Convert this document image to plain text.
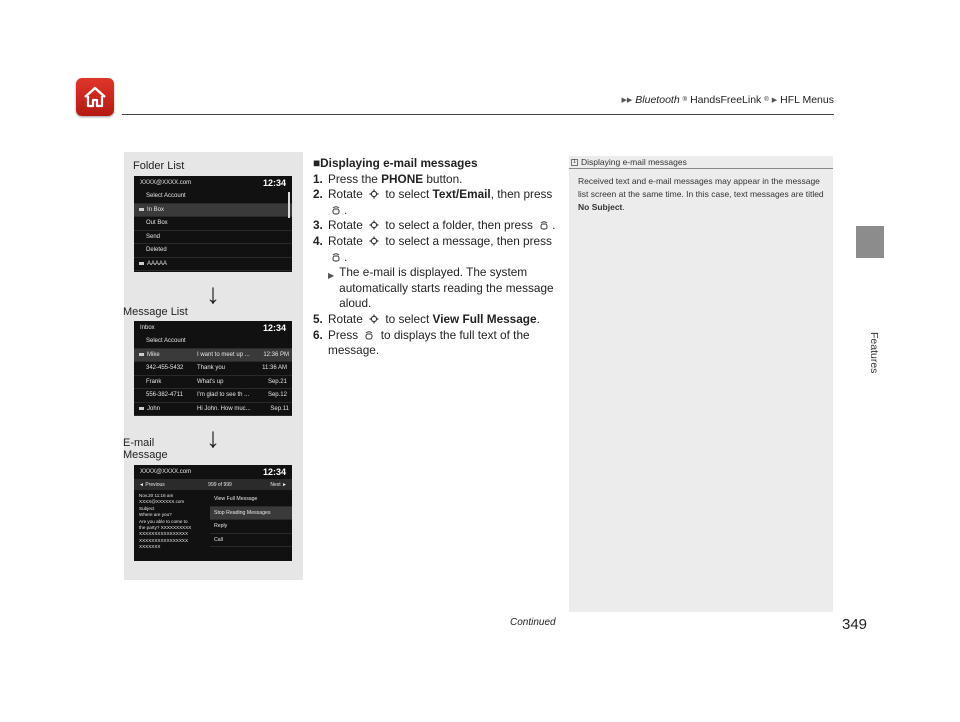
▶▶ Bluetooth ® HandsFreeLink ® ▶ HFL Menus
Features
Folder List
XXXX@XXXX.com	12:34
Select Account
In Box
Out Box
Send
Deleted
AAAAA
↓
Message List
Inbox	12:34
Select Account
Mike	I want to meet up ...	12:36 PM
342-455-5432	Thank you	11:36 AM
Frank	What's up	Sep.21
556-382-4711	I'm glad to see th ...	Sep.12
John	Hi John. How muc...	Sep.11
↓
E-mail
Message
XXXX@XXXX.com	12:34
◄ Previous	999 of 999	Next ►
Nov.20 11:16 am
XXXX@XXXXXX.com
Subject
Where are you?
Are you able to come to
the party? XXXXXXXXXX
XXXXXXXXXXXXXXXX
XXXXXXXXXXXXXXXX
XXXXXXX
View Full Message
Stop Reading Messages
Reply
Call
■Displaying e-mail messages
1. Press the PHONE button.
2. Rotate to select Text/Email, then press
.
3. Rotate to select a folder, then press .
4. Rotate to select a message, then press
.
▶ The e-mail is displayed. The system automatically starts reading the message aloud.
5. Rotate to select View Full Message.
6. Press to displays the full text of the message.
1 Displaying e-mail messages
Received text and e-mail messages may appear in the message list screen at the same time. In this case, text messages are titled No Subject.
Continued	349
